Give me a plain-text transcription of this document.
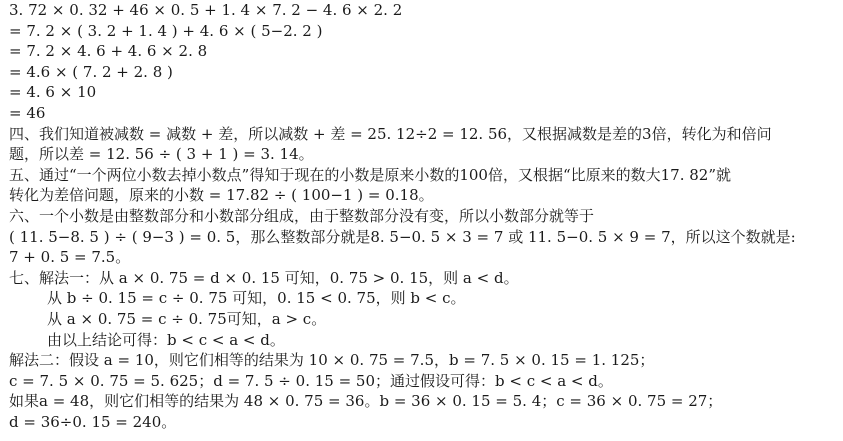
3. 72 × 0. 32 + 46 × 0. 5 + 1. 4 × 7. 2 − 4. 6 × 2. 2
= 7. 2 × ( 3. 2 + 1. 4 ) + 4. 6 × ( 5−2. 2 )
= 7. 2 × 4. 6 + 4. 6 × 2. 8
= 4.6 × ( 7. 2 + 2. 8 )
= 4. 6 × 10
= 46
四、我们知道被减数 = 减数 + 差，所以减数 + 差 = 25. 12÷2 = 12. 56，又根据减数是差的3倍，转化为和倍问
题，所以差 = 12. 56 ÷ ( 3 + 1 ) = 3. 14。
五、通过“一个两位小数去掉小数点”得知于现在的小数是原来小数的100倍，又根据“比原来的数大17. 82”就
转化为差倍问题，原来的小数 = 17.82 ÷ ( 100−1 ) = 0.18。
六、一个小数是由整数部分和小数部分组成，由于整数部分没有变，所以小数部分就等于
( 11. 5−8. 5 ) ÷ ( 9−3 ) = 0. 5，那么整数部分就是8. 5−0. 5 × 3 = 7 或 11. 5−0. 5 × 9 = 7，所以这个数就是:
7 + 0. 5 = 7.5。
七、解法一：从 a × 0. 75 = d × 0. 15 可知，0. 75 > 0. 15，则 a < d。
从 b ÷ 0. 15 = c ÷ 0. 75 可知，0. 15 < 0. 75，则 b < c。
从 a × 0. 75 = c ÷ 0. 75可知，a > c。
由以上结论可得：b < c < a < d。
解法二：假设 a = 10，则它们相等的结果为 10 × 0. 75 = 7.5，b = 7. 5 × 0. 15 = 1. 125；
c = 7. 5 × 0. 75 = 5. 625；d = 7. 5 ÷ 0. 15 = 50；通过假设可得：b < c < a < d。
如果a = 48，则它们相等的结果为 48 × 0. 75 = 36。b = 36 × 0. 15 = 5. 4；c = 36 × 0. 75 = 27；
d = 36÷0. 15 = 240。
